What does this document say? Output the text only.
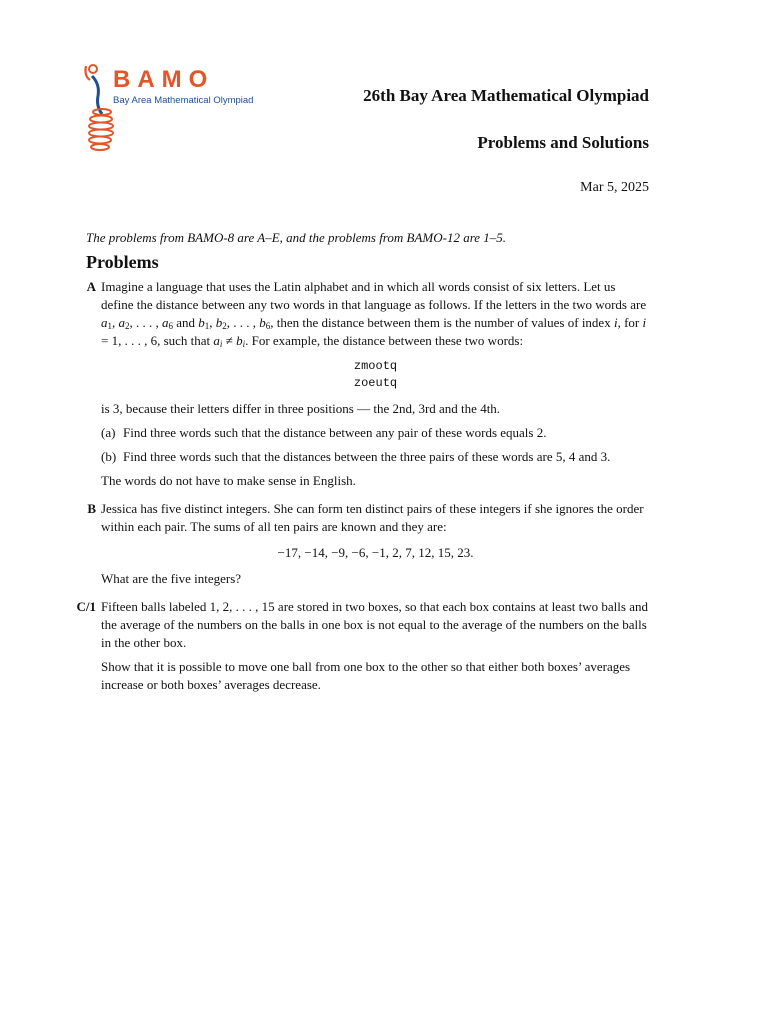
BAMO
Bay Area Mathematical Olympiad	26th Bay Area Mathematical Olympiad
Problems and Solutions
Mar 5, 2025
The problems from BAMO-8 are A–E, and the problems from BAMO-12 are 1–5.
Problems
A Imagine a language that uses the Latin alphabet and in which all words consist of six letters. Let us define the distance between any two words in that language as follows. If the letters in the two words are $a_1$, $a_2$, . . . , $a_6$ and $b_1$, $b_2$, . . . , $b_6$, then the distance between them is the number of values of index i, for i = 1, . . . , 6, such that $a_i \ne b_i$. For example, the distance between these two words:

zmootq
zoeutq

is 3, because their letters differ in three positions — the 2nd, 3rd and the 4th.

(a) Find three words such that the distance between any pair of these words equals 2.
(b) Find three words such that the distances between the three pairs of these words are 5, 4 and 3.

The words do not have to make sense in English.

B Jessica has five distinct integers. She can form ten distinct pairs of these integers if she ignores the order within each pair. The sums of all ten pairs are known and they are:

−17, −14, −9, −6, −1, 2, 7, 12, 15, 23.

What are the five integers?

C/1 Fifteen balls labeled 1, 2, . . . , 15 are stored in two boxes, so that each box contains at least two balls and the average of the numbers on the balls in one box is not equal to the average of the numbers on the balls in the other box.

Show that it is possible to move one ball from one box to the other so that either both boxes’ averages increase or both boxes’ averages decrease.
